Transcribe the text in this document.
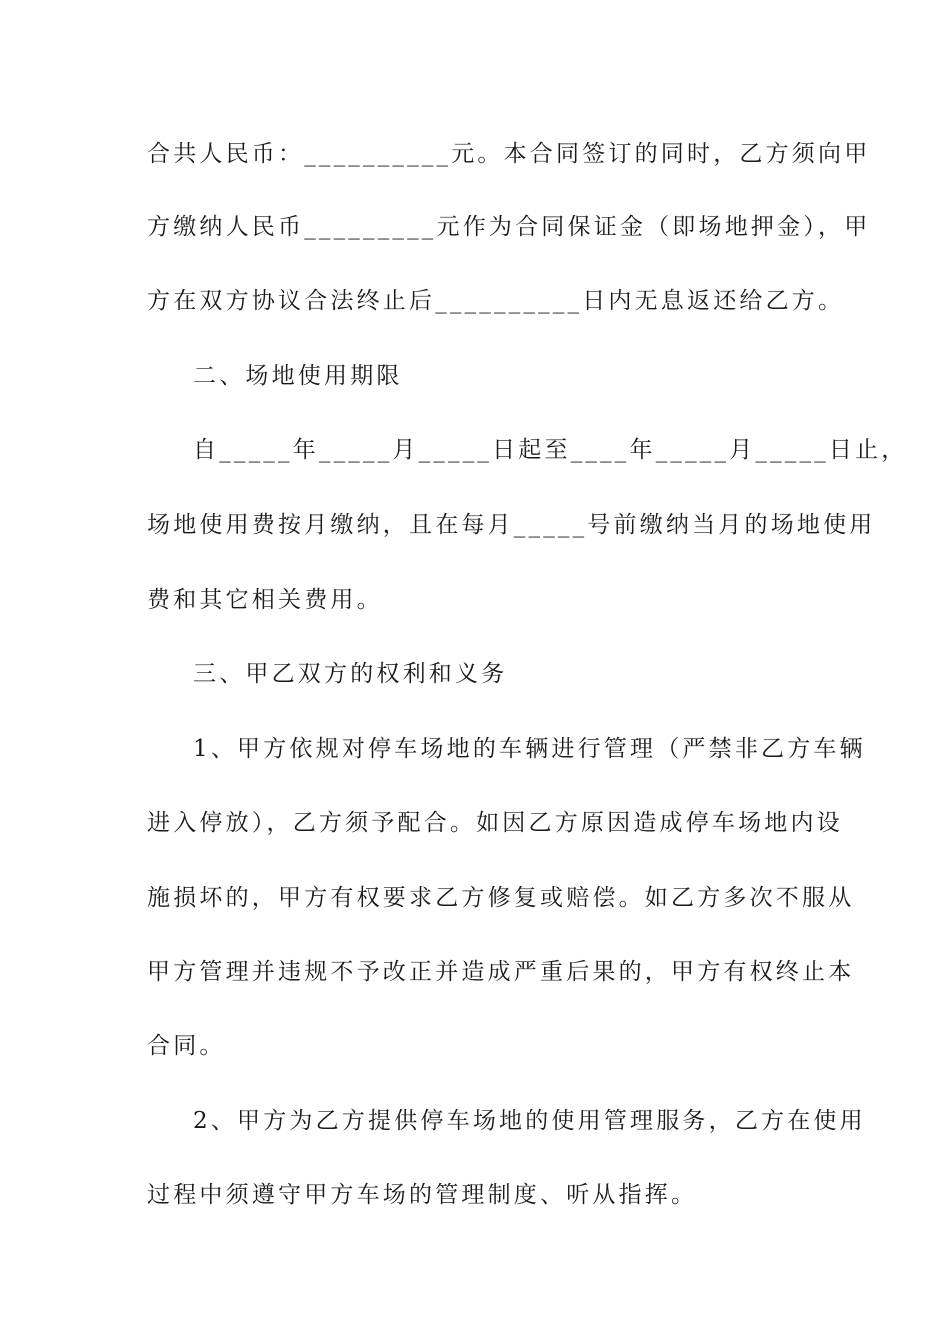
合共人民币：__________元。本合同签订的同时，乙方须向甲

方缴纳人民币_________元作为合同保证金（即场地押金），甲

方在双方协议合法终止后__________日内无息返还给乙方。

二、场地使用期限

自_____年_____月_____日起至____年_____月_____日止，

场地使用费按月缴纳，且在每月_____号前缴纳当月的场地使用

费和其它相关费用。

三、甲乙双方的权利和义务

1、甲方依规对停车场地的车辆进行管理（严禁非乙方车辆

进入停放），乙方须予配合。如因乙方原因造成停车场地内设

施损坏的，甲方有权要求乙方修复或赔偿。如乙方多次不服从

甲方管理并违规不予改正并造成严重后果的，甲方有权终止本

合同。

2、甲方为乙方提供停车场地的使用管理服务，乙方在使用

过程中须遵守甲方车场的管理制度、听从指挥。
